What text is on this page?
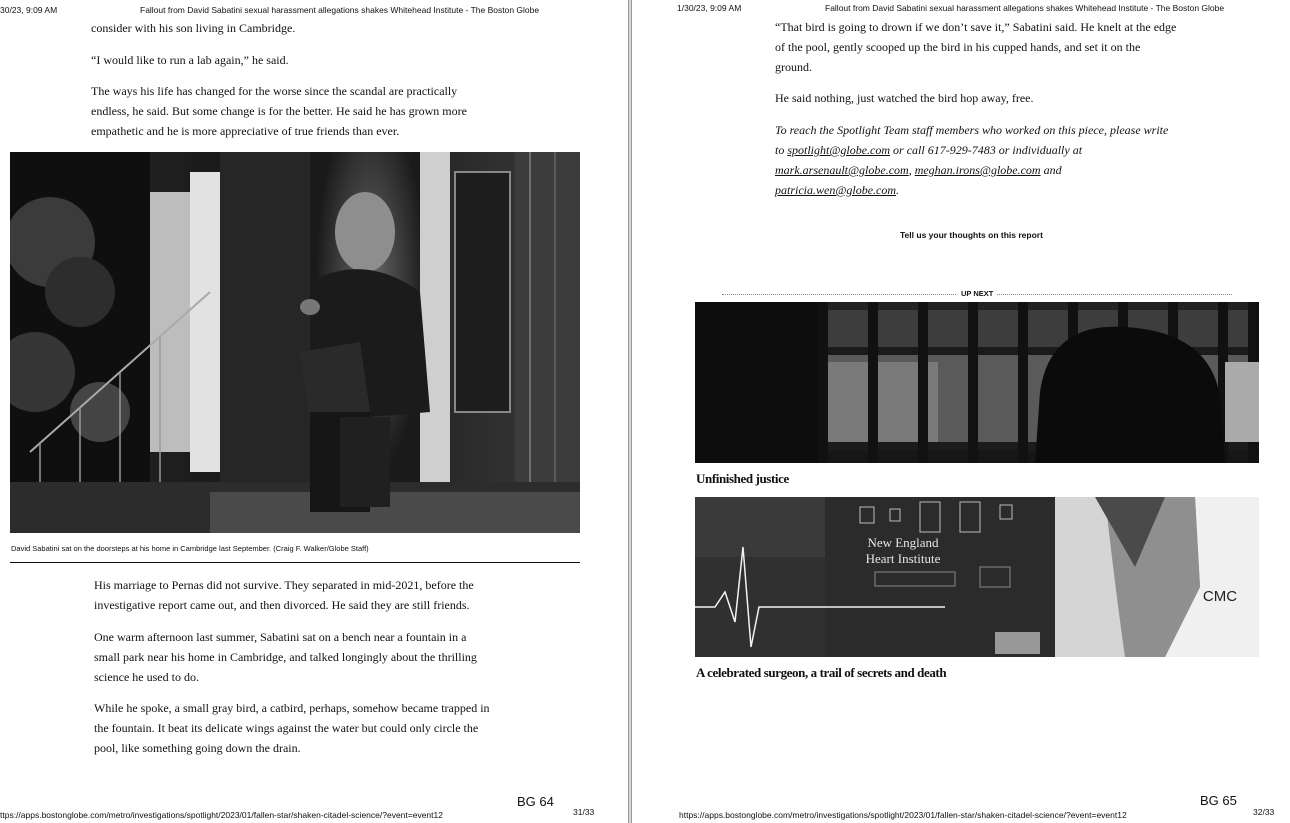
30/23, 9:09 AM	Fallout from David Sabatini sexual harassment allegations shakes Whitehead Institute - The Boston Globe

consider with his son living in Cambridge.

“I would like to run a lab again,” he said.

The ways his life has changed for the worse since the scandal are practically endless, he said. But some change is for the better. He said he has grown more empathetic and he is more appreciative of true friends than ever.

David Sabatini sat on the doorsteps at his home in Cambridge last September. (Craig F. Walker/Globe Staff)

His marriage to Pernas did not survive. They separated in mid-2021, before the investigative report came out, and then divorced. He said they are still friends.

One warm afternoon last summer, Sabatini sat on a bench near a fountain in a small park near his home in Cambridge, and talked longingly about the thrilling science he used to do.

While he spoke, a small gray bird, a catbird, perhaps, somehow became trapped in the fountain. It beat its delicate wings against the water but could only circle the pool, like something going down the drain.

BG 64
ttps://apps.bostonglobe.com/metro/investigations/spotlight/2023/01/fallen-star/shaken-citadel-science/?event=event12	31/33
1/30/23, 9:09 AM	Fallout from David Sabatini sexual harassment allegations shakes Whitehead Institute - The Boston Globe

“That bird is going to drown if we don’t save it,” Sabatini said. He knelt at the edge of the pool, gently scooped up the bird in his cupped hands, and set it on the ground.

He said nothing, just watched the bird hop away, free.

To reach the Spotlight Team staff members who worked on this piece, please write to spotlight@globe.com or call 617-929-7483 or individually at mark.arsenault@globe.com, meghan.irons@globe.com and patricia.wen@globe.com.

Tell us your thoughts on this report
UP NEXT
Unfinished justice
New England
Heart Institute
CMC
A celebrated surgeon, a trail of secrets and death
BG 65
https://apps.bostonglobe.com/metro/investigations/spotlight/2023/01/fallen-star/shaken-citadel-science/?event=event12	32/33
